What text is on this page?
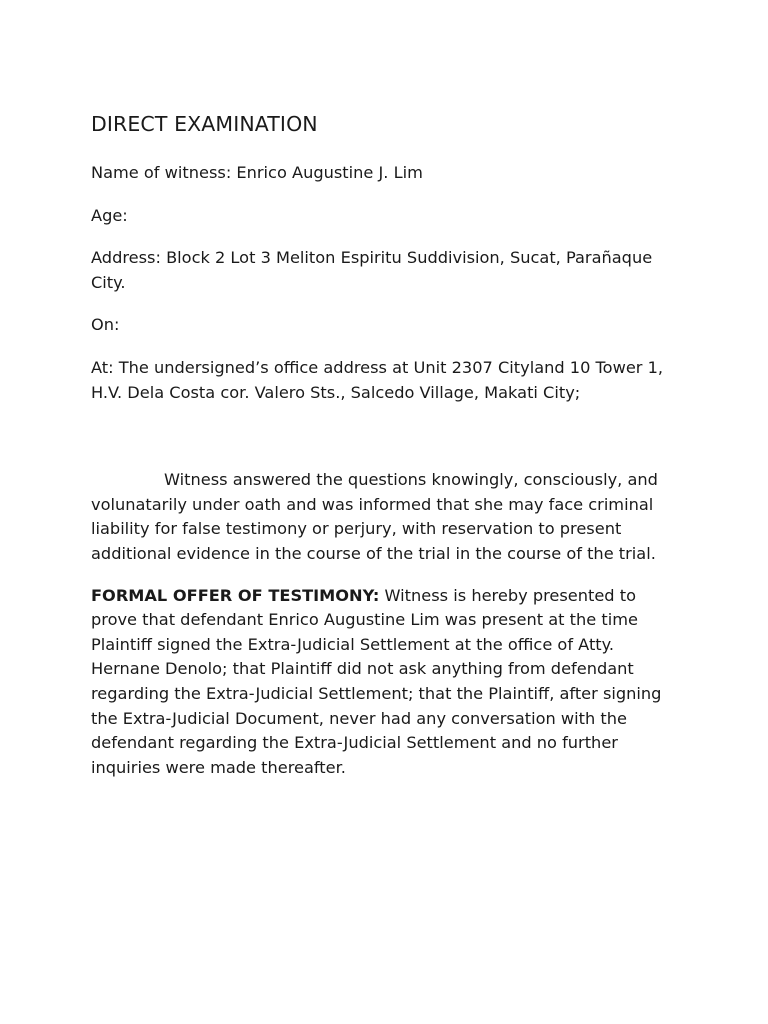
DIRECT EXAMINATION
Name of witness: Enrico Augustine J. Lim
Age:
Address: Block 2 Lot 3 Meliton Espiritu Suddivision, Sucat, Parañaque City.
On:
At: The undersigned’s office address at Unit 2307 Cityland 10 Tower 1, H.V. Dela Costa cor. Valero Sts., Salcedo Village, Makati City;
Witness answered the questions knowingly, consciously, and volunatarily under oath and was informed that she may face criminal liability for false testimony or perjury, with reservation to present additional evidence in the course of the trial in the course of the trial.
FORMAL OFFER OF TESTIMONY: Witness is hereby presented to prove that defendant Enrico Augustine Lim was present at the time Plaintiff signed the Extra-Judicial Settlement at the office of Atty. Hernane Denolo; that Plaintiff did not ask anything from defendant regarding the Extra-Judicial Settlement; that the Plaintiff, after signing the Extra-Judicial Document, never had any conversation with the defendant regarding the Extra-Judicial Settlement and no further inquiries were made thereafter.
